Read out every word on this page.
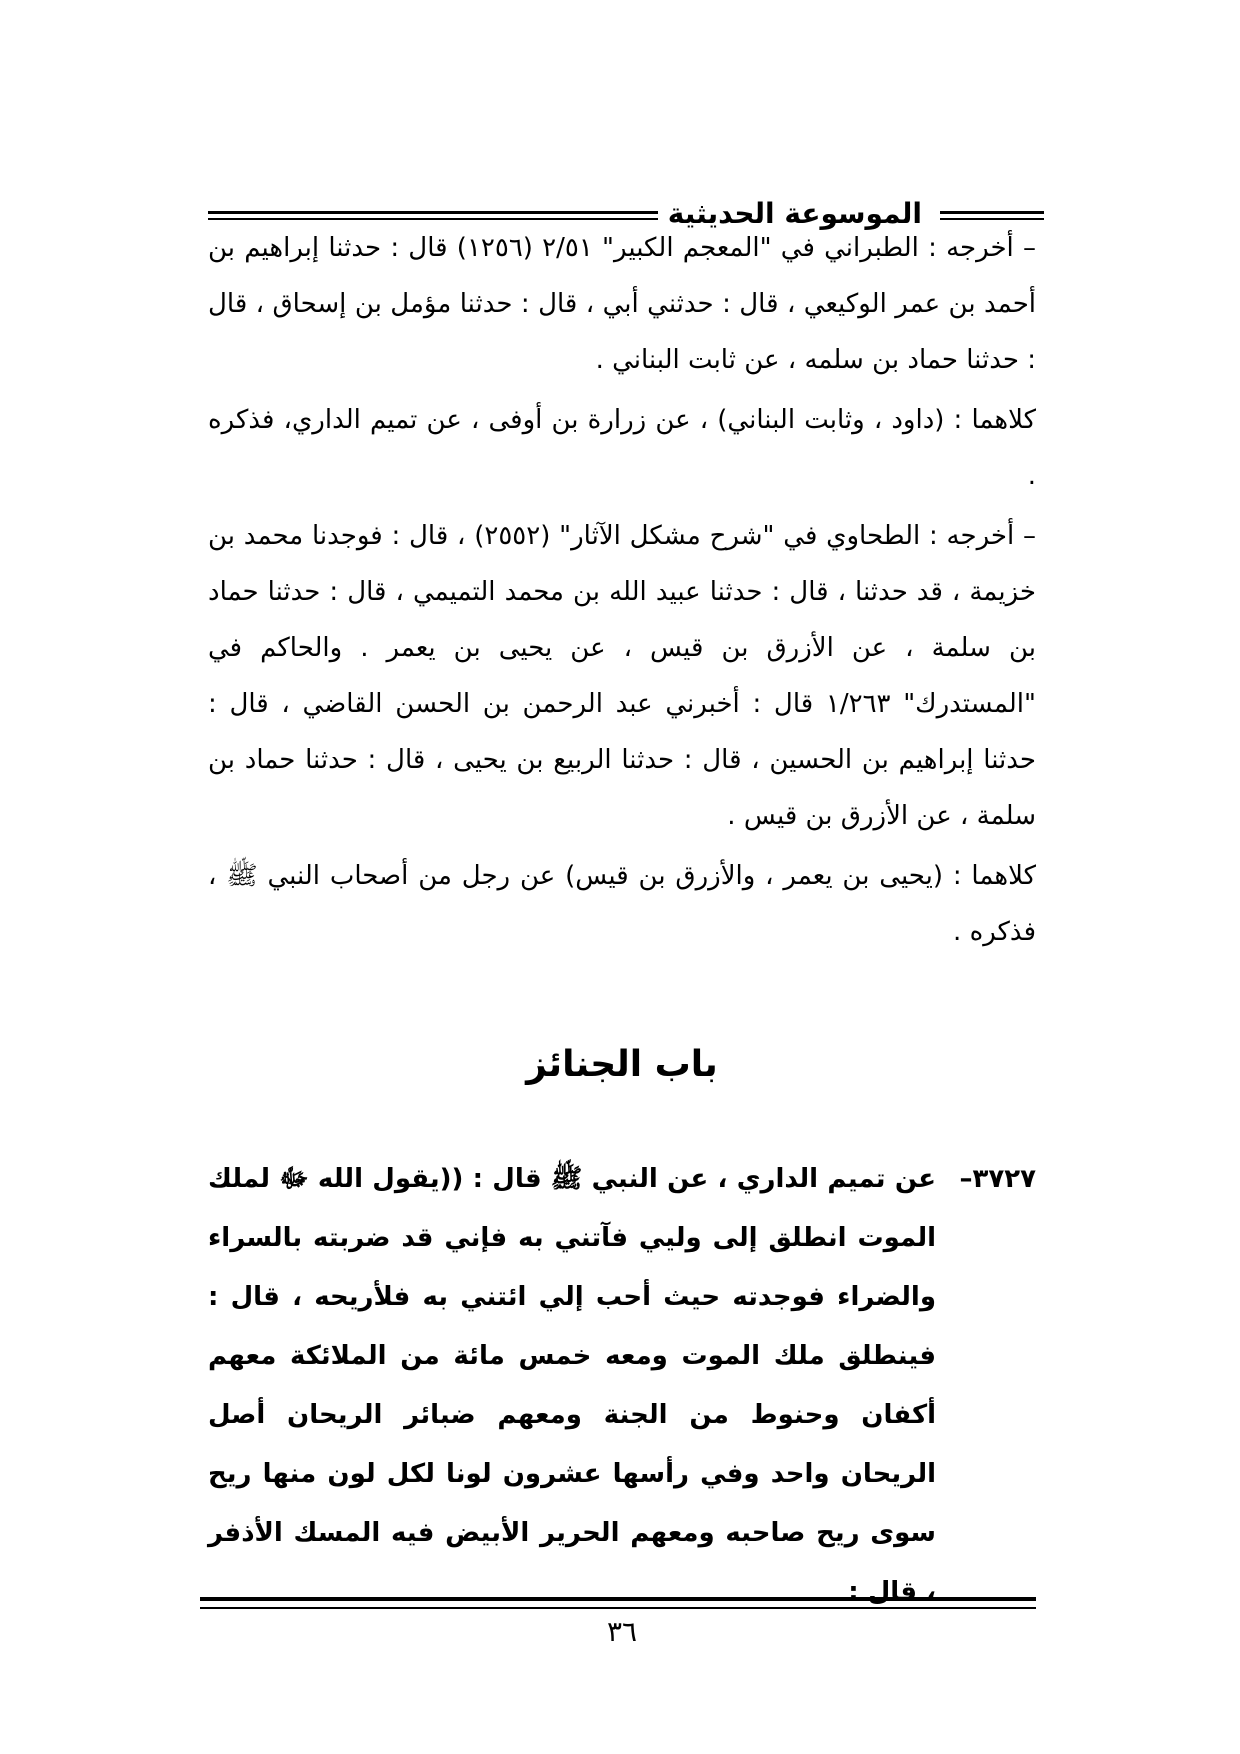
الموسوعة الحديثية

– أخرجه : الطبراني في "المعجم الكبير" ٢/٥١ (١٢٥٦) قال : حدثنا إبراهيم بن أحمد بن عمر الوكيعي ، قال : حدثني أبي ، قال : حدثنا مؤمل بن إسحاق ، قال : حدثنا حماد بن سلمه ، عن ثابت البناني .

كلاهما : (داود ، وثابت البناني) ، عن زرارة بن أوفى ، عن تميم الداري، فذكره .

– أخرجه : الطحاوي في "شرح مشكل الآثار" (٢٥٥٢) ، قال : فوجدنا محمد بن خزيمة ، قد حدثنا ، قال : حدثنا عبيد الله بن محمد التميمي ، قال : حدثنا حماد بن سلمة ، عن الأزرق بن قيس ، عن يحيى بن يعمر . والحاكم في "المستدرك" ١/٢٦٣ قال : أخبرني عبد الرحمن بن الحسن القاضي ، قال : حدثنا إبراهيم بن الحسين ، قال : حدثنا الربيع بن يحيى ، قال : حدثنا حماد بن سلمة ، عن الأزرق بن قيس .

كلاهما : (يحيى بن يعمر ، والأزرق بن قيس) عن رجل من أصحاب النبي ﷺ ، فذكره .

باب الجنائز
٣٧٢٧–
عن تميم الداري ، عن النبي ﷺ قال : ((يقول الله ﷻ لملك الموت انطلق إلى وليي فآتني به فإني قد ضربته بالسراء والضراء فوجدته حيث أحب إلي ائتني به فلأريحه ، قال : فينطلق ملك الموت ومعه خمس مائة من الملائكة معهم أكفان وحنوط من الجنة ومعهم ضبائر الريحان أصل الريحان واحد وفي رأسها عشرون لونا لكل لون منها ريح سوى ريح صاحبه ومعهم الحرير الأبيض فيه المسك الأذفر ، قال :
٣٦
